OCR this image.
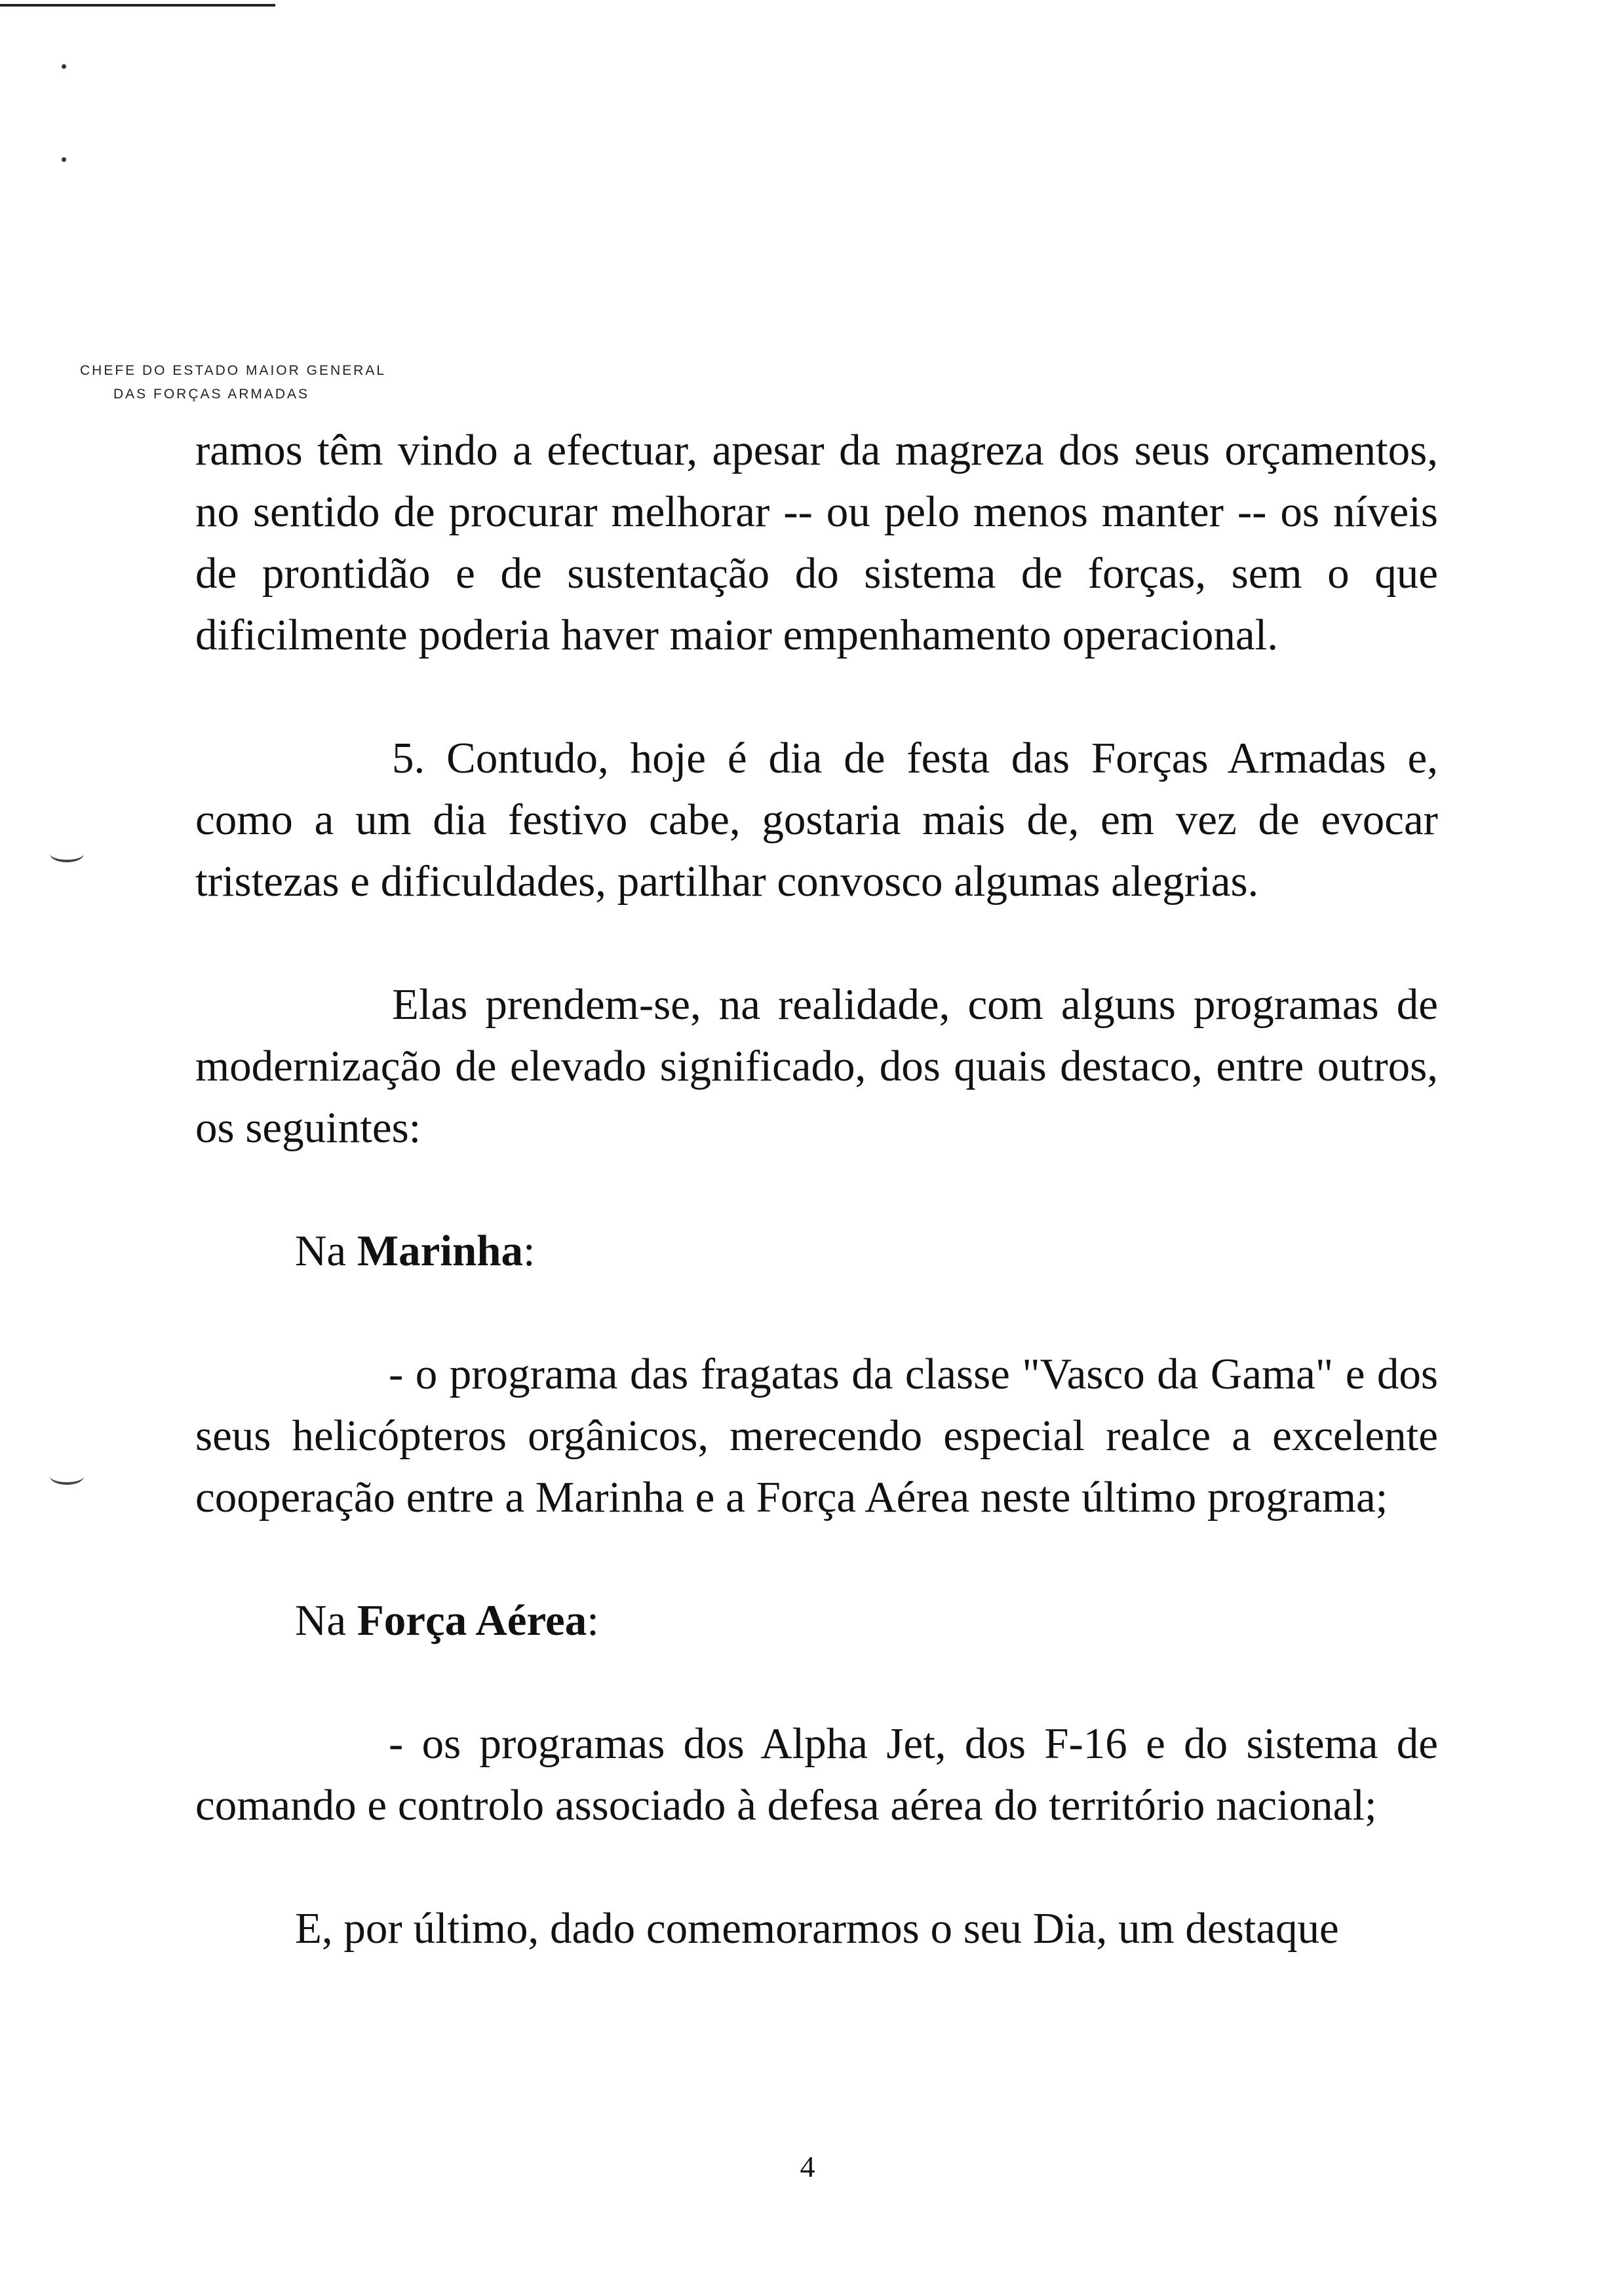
CHEFE DO ESTADO MAIOR GENERAL
DAS FORÇAS ARMADAS

ramos têm vindo a efectuar, apesar da magreza dos seus orçamentos, no sentido de procurar melhorar -- ou pelo menos manter -- os níveis de prontidão e de sustentação do sistema de forças, sem o que dificilmente poderia haver maior empenhamento operacional.

5. Contudo, hoje é dia de festa das Forças Armadas e, como a um dia festivo cabe, gostaria mais de, em vez de evocar tristezas e dificuldades, partilhar convosco algumas alegrias.

Elas prendem-se, na realidade, com alguns programas de modernização de elevado significado, dos quais destaco, entre outros, os seguintes:

Na Marinha:

- o programa das fragatas da classe "Vasco da Gama" e dos seus helicópteros orgânicos, merecendo especial realce a excelente cooperação entre a Marinha e a Força Aérea neste último programa;

Na Força Aérea:

- os programas dos Alpha Jet, dos F-16 e do sistema de comando e controlo associado à defesa aérea do território nacional;

E, por último, dado comemorarmos o seu Dia, um destaque

4
